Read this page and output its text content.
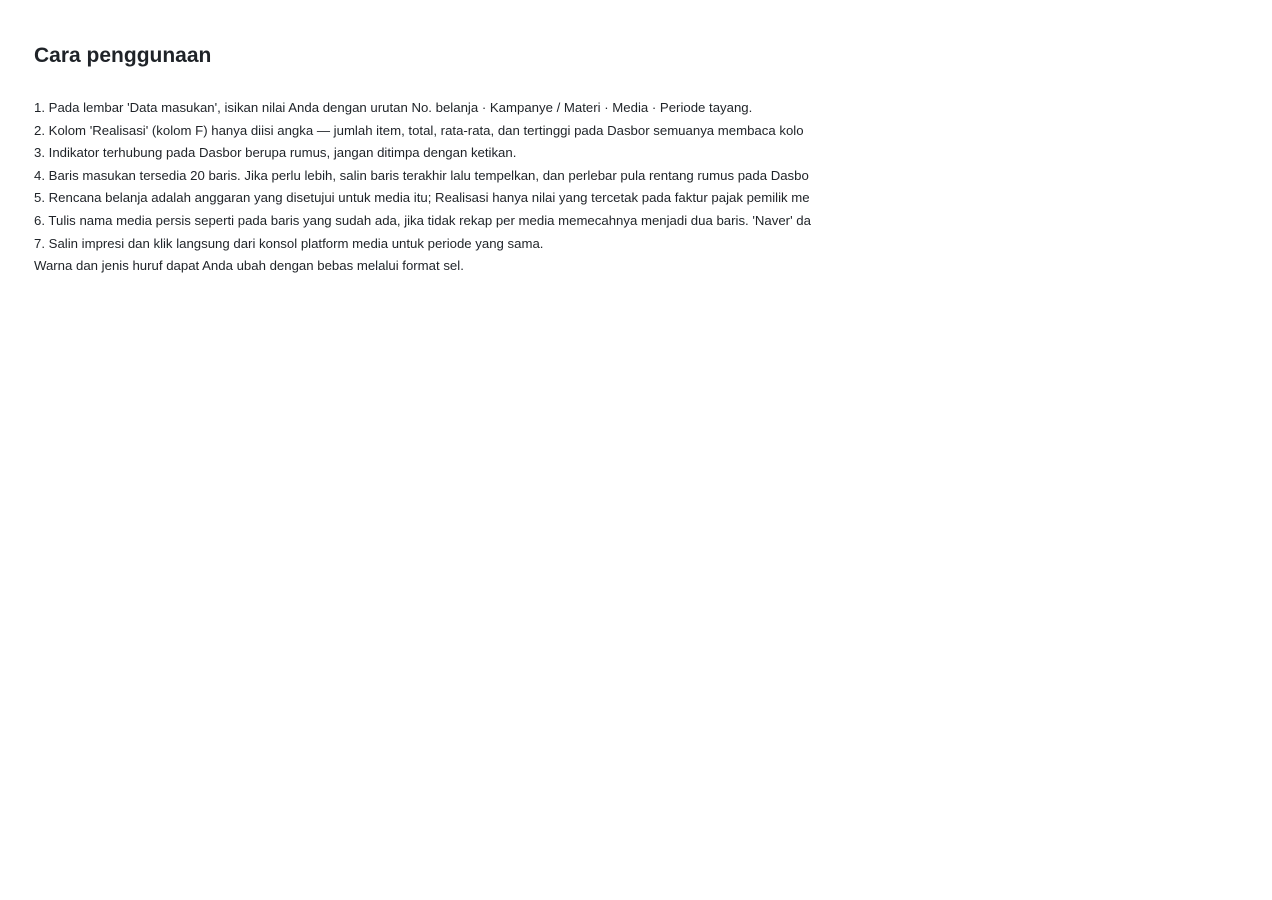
Cara penggunaan
1. Pada lembar 'Data masukan', isikan nilai Anda dengan urutan No. belanja · Kampanye / Materi · Media · Periode tayang.
2. Kolom 'Realisasi' (kolom F) hanya diisi angka — jumlah item, total, rata-rata, dan tertinggi pada Dasbor semuanya membaca kolo
3. Indikator terhubung pada Dasbor berupa rumus, jangan ditimpa dengan ketikan.
4. Baris masukan tersedia 20 baris. Jika perlu lebih, salin baris terakhir lalu tempelkan, dan perlebar pula rentang rumus pada Dasbo
5. Rencana belanja adalah anggaran yang disetujui untuk media itu; Realisasi hanya nilai yang tercetak pada faktur pajak pemilik me
6. Tulis nama media persis seperti pada baris yang sudah ada, jika tidak rekap per media memecahnya menjadi dua baris. 'Naver' da
7. Salin impresi dan klik langsung dari konsol platform media untuk periode yang sama.
Warna dan jenis huruf dapat Anda ubah dengan bebas melalui format sel.
